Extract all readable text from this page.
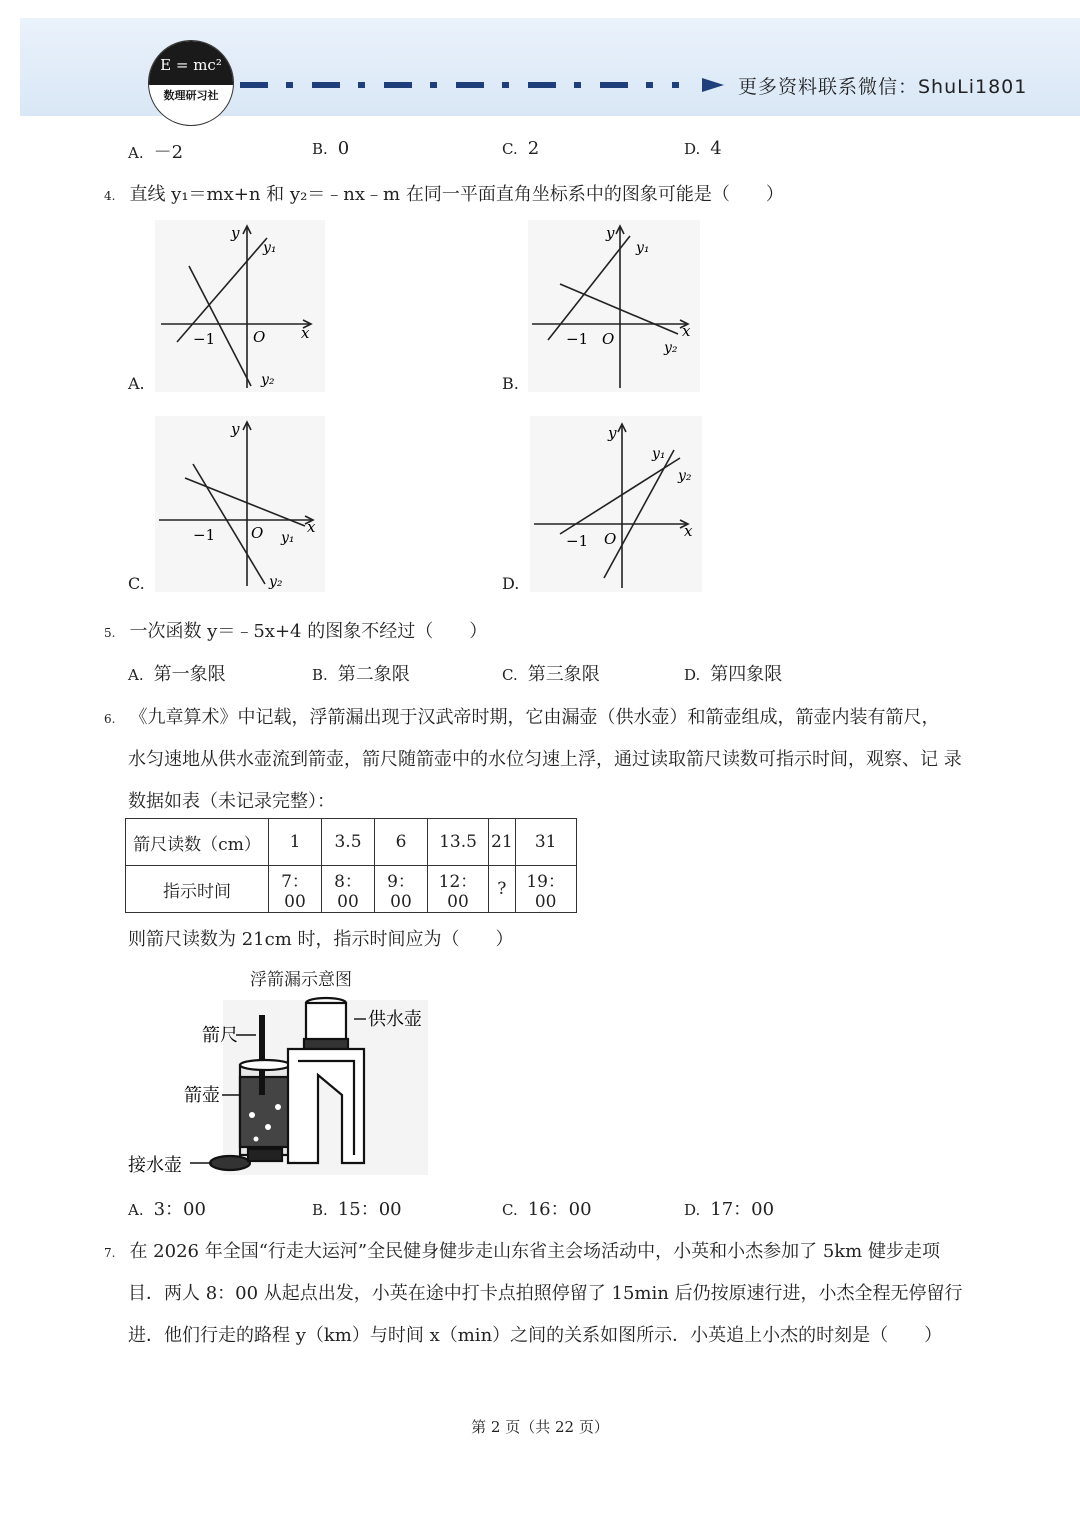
E = mc²
数理研习社	更多资料联系微信：ShuLi1801
A. －2	B. 0	C. 2	D. 4
4. 直线 y₁＝mx+n 和 y₂＝﹣nx﹣m 在同一平面直角坐标系中的图象可能是（　　）
y
y₁
x
−1	O
y₂
A.
y
y₁
x
−1 O	y₂
B.
y
x
−1 O y₁
y₂
C.
y
y₁
y₂
x
−1 O
D.
5. 一次函数 y＝﹣5x+4 的图象不经过（　　）
A. 第一象限	B. 第二象限	C. 第三象限	D. 第四象限
6. 《九章算术》中记载，浮箭漏出现于汉武帝时期，它由漏壶（供水壶）和箭壶组成，箭壶内装有箭尺，
水匀速地从供水壶流到箭壶，箭尺随箭壶中的水位匀速上浮，通过读取箭尺读数可指示时间，观察、记 录
数据如表（未记录完整）：
箭尺读数（cm）	1	3.5	6	13.5	21	31
指示时间	7：00	8：00	9：00	12：00	?	19：00
则箭尺读数为 21cm 时，指示时间应为（　　）
浮箭漏示意图
箭尺
供水壶
箭壶
接水壶
A. 3：00	B. 15：00	C. 16：00	D. 17：00
7. 在 2026 年全国“行走大运河”全民健身健步走山东省主会场活动中，小英和小杰参加了 5km 健步走项
目．两人 8：00 从起点出发，小英在途中打卡点拍照停留了 15min 后仍按原速行进，小杰全程无停留行
进．他们行走的路程 y（km）与时间 x（min）之间的关系如图所示．小英追上小杰的时刻是（　　）
第 2 页（共 22 页）
